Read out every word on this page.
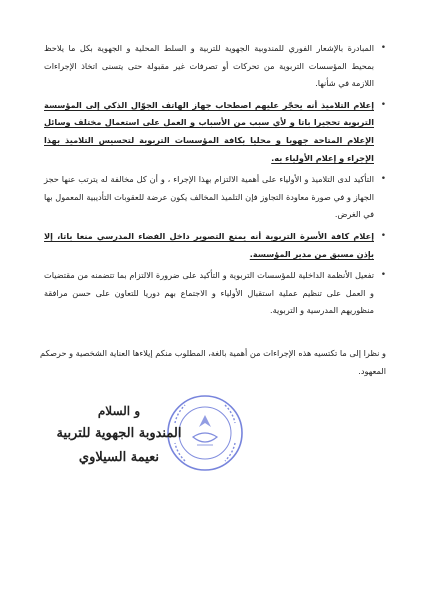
•
المبادرة بالإشعار الفوري للمندوبية الجهوية للتربية و السلط المحلية و الجهوية بكل ما يلاحظ بمحيط المؤسسات التربوية من تحركات أو تصرفات غير مقبولة حتى يتسنى اتخاذ الإجراءات اللازمة في شأنها.
•
إعلام التلاميذ أنه يحجّر عليهم اصطحاب جهاز الهاتف الجوّال الذكي إلى المؤسسة التربوية تحجيرا باتا و لأي سبب من الأسباب و العمل على استعمال مختلف وسائل الإعلام المتاحة جهويا و محليا بكافة المؤسسات التربوية لتحسيس التلاميذ بهذا الإجراء و إعلام الأولياء به.
•
التأكيد لدى التلاميذ و الأولياء على أهمية الالتزام بهذا الإجراء ، و أن كل مخالفة له يترتب عنها حجز الجهاز و في صورة معاودة التجاوز فإن التلميذ المخالف يكون عرضة للعقوبات التأديبية المعمول بها في الغرض.
•
إعلام كافة الأسرة التربوية أنه يمنع التصوير داخل الفضاء المدرسي منعا باتا، إلا بإذن مسبق من مدير المؤسسة.
•
تفعيل الأنظمة الداخلية للمؤسسات التربوية و التأكيد على ضرورة الالتزام بما تتضمنه من مقتضيات و العمل على تنظيم عملية استقبال الأولياء و الاجتماع بهم دوريا للتعاون على حسن مرافقة منظوريهم المدرسية و التربوية.

و نظرا إلى ما تكتسيه هذه الإجراءات من أهمية بالغة، المطلوب منكم إيلاءها العناية الشخصية و حرصكم المعهود.

و السلام
المندوبة الجهوية للتربية
نعيمة السيلاوي
